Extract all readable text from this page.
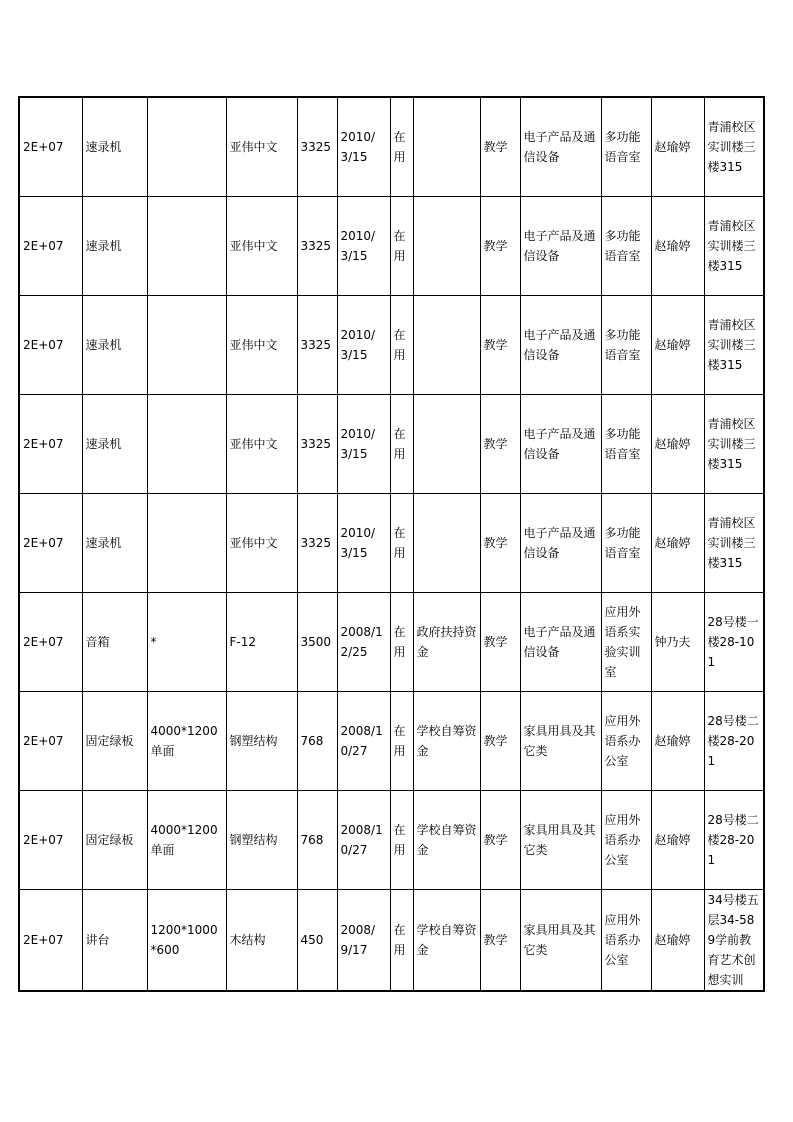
2E+07	速录机		亚伟中文	3325	2010/3/15	在用		教学	电子产品及通信设备	多功能语音室	赵瑜婷	青浦校区实训楼三楼315
2E+07	速录机		亚伟中文	3325	2010/3/15	在用		教学	电子产品及通信设备	多功能语音室	赵瑜婷	青浦校区实训楼三楼315
2E+07	速录机		亚伟中文	3325	2010/3/15	在用		教学	电子产品及通信设备	多功能语音室	赵瑜婷	青浦校区实训楼三楼315
2E+07	速录机		亚伟中文	3325	2010/3/15	在用		教学	电子产品及通信设备	多功能语音室	赵瑜婷	青浦校区实训楼三楼315
2E+07	速录机		亚伟中文	3325	2010/3/15	在用		教学	电子产品及通信设备	多功能语音室	赵瑜婷	青浦校区实训楼三楼315
2E+07	音箱	*	F-12	3500	2008/12/25	在用	政府扶持资金	教学	电子产品及通信设备	应用外语系实验实训室	钟乃夫	28号楼一楼28-101
2E+07	固定绿板	4000*1200单面	钢塑结构	768	2008/10/27	在用	学校自筹资金	教学	家具用具及其它类	应用外语系办公室	赵瑜婷	28号楼二楼28-201
2E+07	固定绿板	4000*1200单面	钢塑结构	768	2008/10/27	在用	学校自筹资金	教学	家具用具及其它类	应用外语系办公室	赵瑜婷	28号楼二楼28-201
2E+07	讲台	1200*1000*600	木结构	450	2008/9/17	在用	学校自筹资金	教学	家具用具及其它类	应用外语系办公室	赵瑜婷	34号楼五层34-589学前教育艺术创想实训
